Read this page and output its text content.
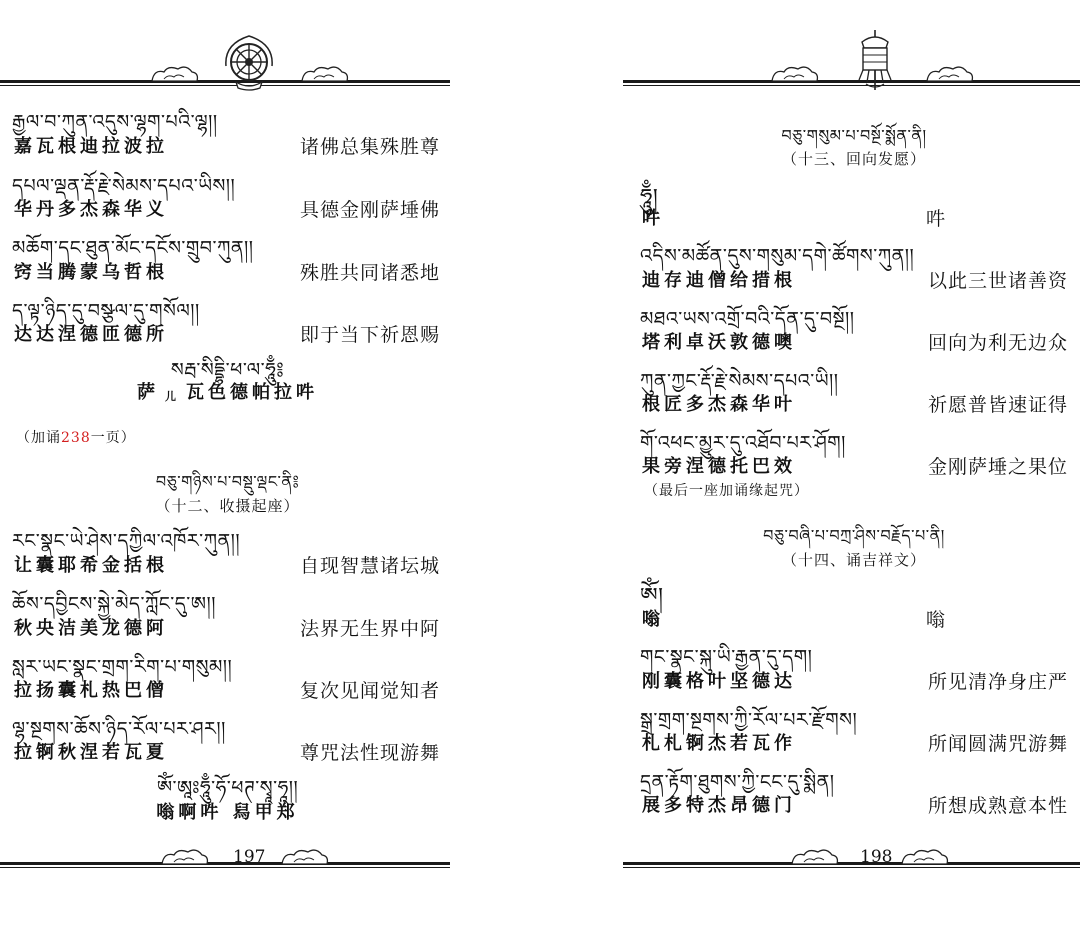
197	198
རྒྱལ་བ་ཀུན་འདུས་ལྷག་པའི་ལྷ།།
嘉瓦根迪拉波拉	诸佛总集殊胜尊
དཔལ་ལྡན་རྡོ་རྗེ་སེམས་དཔའ་ཡིས།།
华丹多杰森华义	具德金刚萨埵佛
མཆོག་དང་ཐུན་མོང་དངོས་གྲུབ་ཀུན།།
窍当腾蒙乌哲根	殊胜共同诸悉地
ད་ལྟ་ཉིད་དུ་བསྩལ་དུ་གསོལ།།
达达涅德匝德所	即于当下祈恩赐
སརྦ་སིདྡྷི་ཕ་ལ་ཧཱུྃ༔
萨儿 瓦色德帕拉吽
（加诵238一页）
བཅུ་གཉིས་པ་བསྡུ་ལྡང་ནི༔
（十二、收摄起座）
རང་སྣང་ཡེ་ཤེས་དཀྱིལ་འཁོར་ཀུན།།
让囊耶希金括根	自现智慧诸坛城
ཆོས་དབྱིངས་སྐྱེ་མེད་ཀློང་དུ་ཨ།།
秋央洁美龙德阿	法界无生界中阿
སླར་ཡང་སྣང་གྲག་རིག་པ་གསུམ།།
拉扬囊札热巴僧	复次见闻觉知者
ལྷ་སྔགས་ཆོས་ཉིད་རོལ་པར་ཤར།།
拉锕秋涅若瓦夏	尊咒法性现游舞
ཨོཾ་ཨཱཿཧཱུྃ་ཧོ་ཕཊ་སྭཱ་ཧཱ།།
嗡啊吽 舄甲郑
བཅུ་གསུམ་པ་བསྔོ་སྨོན་ནི།
（十三、回向发愿）
ཧཱུྃ།
吽	吽
འདིས་མཚོན་དུས་གསུམ་དགེ་ཚོགས་ཀུན།།
迪存迪僧给措根	以此三世诸善资
མཐའ་ཡས་འགྲོ་བའི་དོན་དུ་བསྔོ།།
塔利卓沃敦德噢	回向为利无边众
ཀུན་ཀྱང་རྡོ་རྗེ་སེམས་དཔའ་ཡི།།
根匠多杰森华叶	祈愿普皆速证得
གོ་འཕང་མྱུར་དུ་འཐོབ་པར་ཤོག།
果旁涅德托巴效	金刚萨埵之果位
（最后一座加诵缘起咒）
བཅུ་བཞི་པ་བཀྲ་ཤིས་བརྗོད་པ་ནི།
（十四、诵吉祥文）
ཨོཾ།
嗡	嗡
གང་སྣང་སྐུ་ཡི་རྒྱན་དུ་དག།
刚囊格叶坚德达	所见清净身庄严
སྒྲ་གྲག་སྔགས་ཀྱི་རོལ་པར་རྫོགས།
札札锕杰若瓦作	所闻圆满咒游舞
དྲན་རྟོག་ཐུགས་ཀྱི་ངང་དུ་སྨིན།
展多特杰昂德门	所想成熟意本性
